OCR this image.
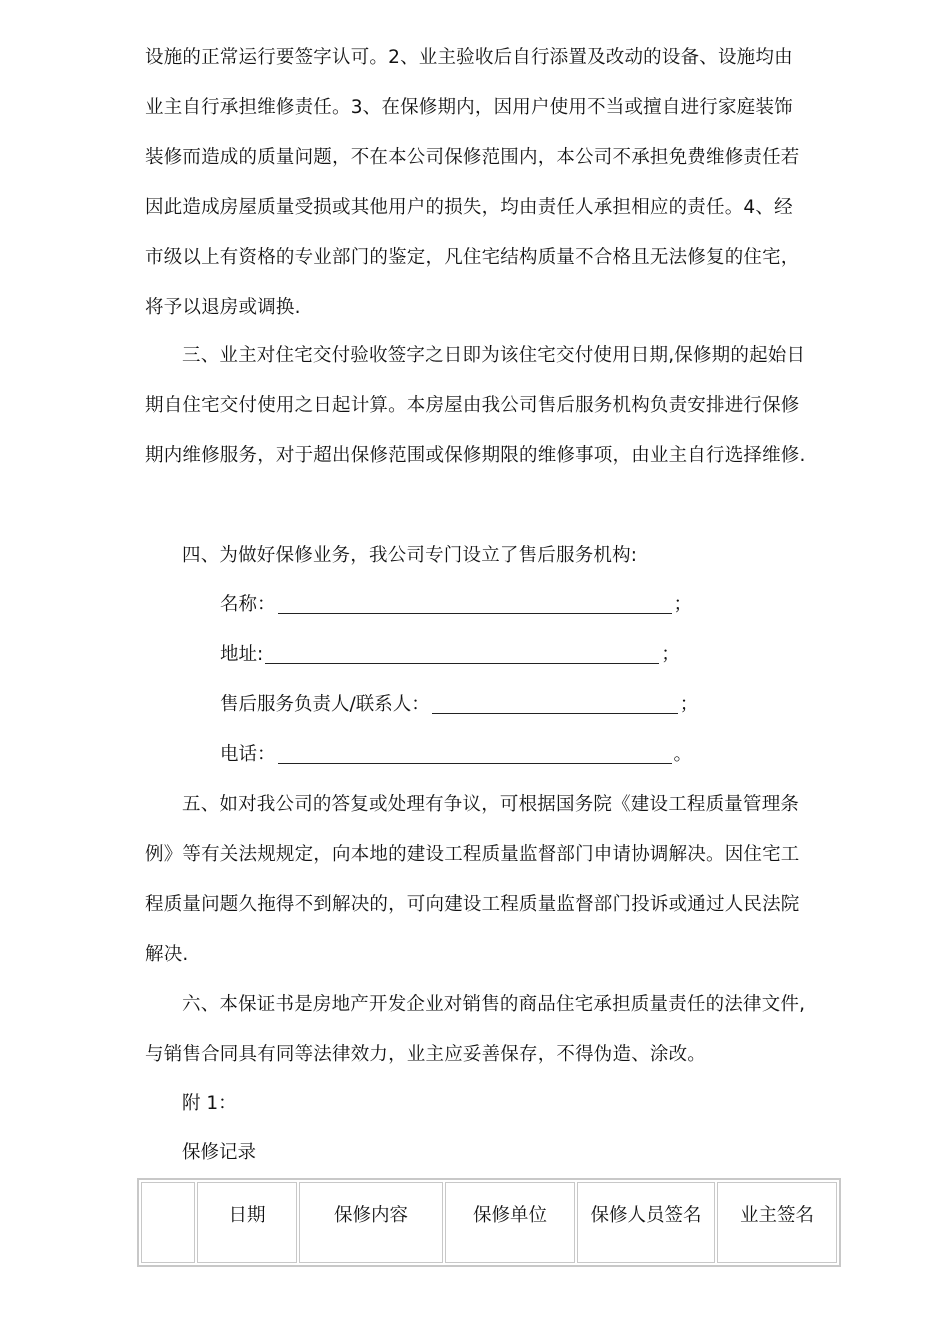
设施的正常运行要签字认可。2、业主验收后自行添置及改动的设备、设施均由业主自行承担维修责任。3、在保修期内，因用户使用不当或擅自进行家庭装饰装修而造成的质量问题，不在本公司保修范围内，本公司不承担免费维修责任若因此造成房屋质量受损或其他用户的损失，均由责任人承担相应的责任。4、经市级以上有资格的专业部门的鉴定，凡住宅结构质量不合格且无法修复的住宅，将予以退房或调换.

三、业主对住宅交付验收签字之日即为该住宅交付使用日期,保修期的起始日期自住宅交付使用之日起计算。本房屋由我公司售后服务机构负责安排进行保修期内维修服务，对于超出保修范围或保修期限的维修事项，由业主自行选择维修.

四、为做好保修业务，我公司专门设立了售后服务机构:

名称：	；
地址:	；
售后服务负责人/联系人：	；
电话：	。

五、如对我公司的答复或处理有争议，可根据国务院《建设工程质量管理条例》等有关法规规定，向本地的建设工程质量监督部门申请协调解决。因住宅工程质量问题久拖得不到解决的，可向建设工程质量监督部门投诉或通过人民法院解决.

六、本保证书是房地产开发企业对销售的商品住宅承担质量责任的法律文件,与销售合同具有同等法律效力，业主应妥善保存，不得伪造、涂改。

附 1：
保修记录
	日期	保修内容	保修单位	保修人员签名	业主签名
